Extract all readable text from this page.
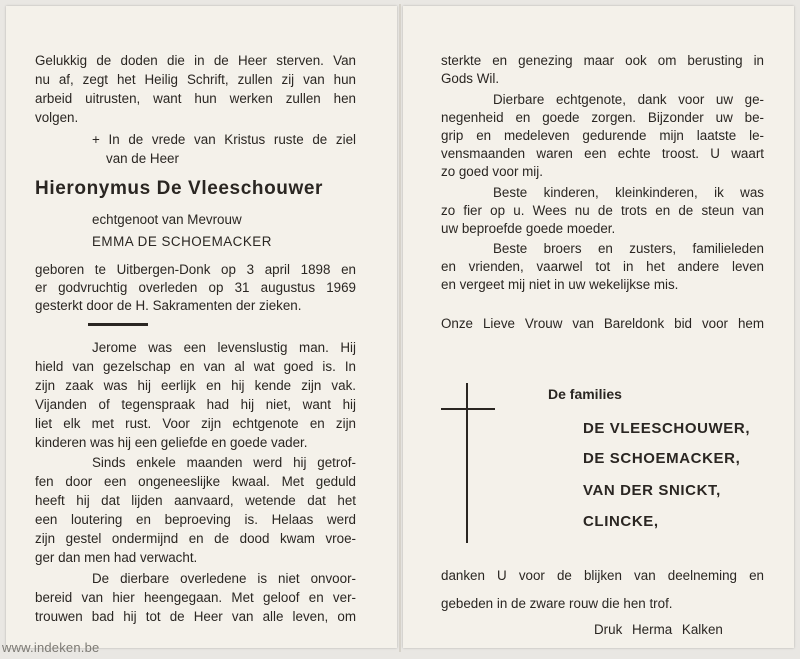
Gelukkig de doden die in de Heer sterven. Van
nu af, zegt het Heilig Schrift, zullen zij van hun
arbeid uitrusten, want hun werken zullen hen
volgen.
+ In de vrede van Kristus ruste de ziel
van de Heer
Hieronymus De Vleeschouwer
echtgenoot van Mevrouw
EMMA DE SCHOEMACKER
geboren te Uitbergen-Donk op 3 april 1898 en
er godvruchtig overleden op 31 augustus 1969
gesterkt door de H. Sakramenten der zieken.
Jerome was een levenslustig man. Hij
hield van gezelschap en van al wat goed is. In
zijn zaak was hij eerlijk en hij kende zijn vak.
Vijanden of tegenspraak had hij niet, want hij
liet elk met rust. Voor zijn echtgenote en zijn
kinderen was hij een geliefde en goede vader.
Sinds enkele maanden werd hij getrof-
fen door een ongeneeslijke kwaal. Met geduld
heeft hij dat lijden aanvaard, wetende dat het
een loutering en beproeving is. Helaas werd
zijn gestel ondermijnd en de dood kwam vroe-
ger dan men had verwacht.
De dierbare overledene is niet onvoor-
bereid van hier heengegaan. Met geloof en ver-
trouwen bad hij tot de Heer van alle leven, om
sterkte en genezing maar ook om berusting in
Gods Wil.
Dierbare echtgenote, dank voor uw ge-
negenheid en goede zorgen. Bijzonder uw be-
grip en medeleven gedurende mijn laatste le-
vensmaanden waren een echte troost. U waart
zo goed voor mij.
Beste kinderen, kleinkinderen, ik was
zo fier op u. Wees nu de trots en de steun van
uw beproefde goede moeder.
Beste broers en zusters, familieleden
en vrienden, vaarwel tot in het andere leven
en vergeet mij niet in uw wekelijkse mis.
Onze Lieve Vrouw van Bareldonk bid voor hem
De families
DE VLEESCHOUWER,
DE SCHOEMACKER,
VAN DER SNICKT,
CLINCKE,
danken U voor de blijken van deelneming en
gebeden in de zware rouw die hen trof.
Druk Herma Kalken
www.indeken.be
